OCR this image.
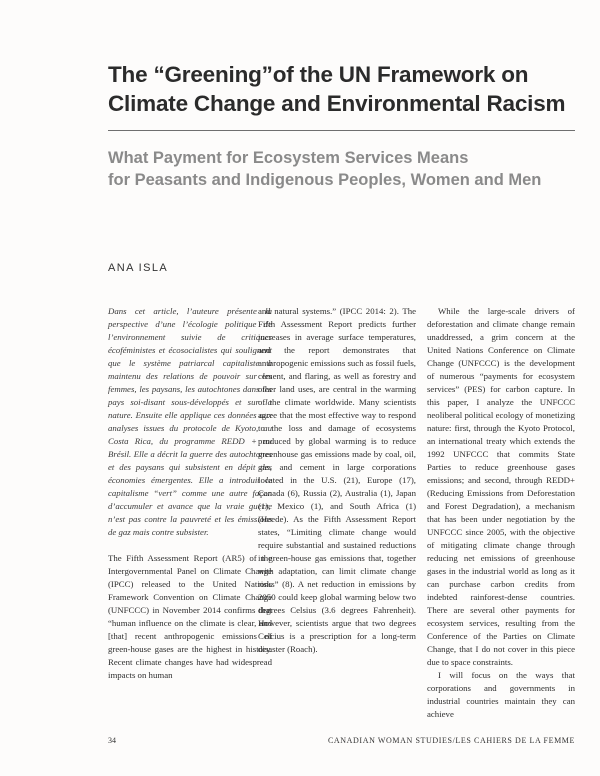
The “Greening”of the UN Framework on
Climate Change and Environmental Racism
What Payment for Ecosystem Services Means
for Peasants and Indigenous Peoples, Women and Men
ANA ISLA

Dans cet article, l’auteure présente la perspective d’une l’écologie politique de l’environnement suivie de critiques écoféministes et écosocialistes qui soulignent que le système patriarcal capitaliste a maintenu des relations de pouvoir sur les femmes, les paysans, les autochtones dans les pays soi-disant sous-développés et sur la nature. Ensuite elle applique ces données aux analyses issues du protocole de Kyoto, au Costa Rica, du programme REDD + au Brésil. Elle a décrit la guerre des autochtones et des paysans qui subsistent en dépit des économies émergentes. Elle a introduit le capitalisme “vert” comme une autre façon d’accumuler et avance que la vraie guerre n’est pas contre la pauvreté et les émissions de gaz mais contre subsister.

The Fifth Assessment Report (AR5) of the Intergovernmental Panel on Climate Change (IPCC) released to the United Nations Framework Convention on Climate Change (UNFCCC) in November 2014 confirms that “human influence on the climate is clear, and [that] recent anthropogenic emissions of green-house gases are the highest in history. Recent climate changes have had widespread impacts on human

and natural systems.” (IPCC 2014: 2). The Fifth Assessment Report predicts further increases in average surface temperatures, and the report demonstrates that anthropogenic emissions such as fossil fuels, cement, and flaring, as well as forestry and other land uses, are central in the warming of the climate worldwide. Many scientists agree that the most effective way to respond to the loss and damage of ecosystems produced by global warming is to reduce greenhouse gas emissions made by coal, oil, gas, and cement in large corporations located in the U.S. (21), Europe (17), Canada (6), Russia (2), Australia (1), Japan (1), Mexico (1), and South Africa (1) (Heede). As the Fifth Assessment Report states, “Limiting climate change would require substantial and sustained reductions in green-house gas emissions that, together with adaptation, can limit climate change risks” (8). A net reduction in emissions by 2050 could keep global warming below two degrees Celsius (3.6 degrees Fahrenheit). However, scientists argue that two degrees Celcius is a prescription for a long-term disaster (Roach).

While the large-scale drivers of deforestation and climate change remain unaddressed, a grim concern at the United Nations Conference on Climate Change (UNFCCC) is the development of numerous “payments for ecosystem services” (PES) for carbon capture. In this paper, I analyze the UNFCCC neoliberal political ecology of monetizing nature: first, through the Kyoto Protocol, an international treaty which extends the 1992 UNFCCC that commits State Parties to reduce greenhouse gases emissions; and second, through REDD+ (Reducing Emissions from Deforestation and Forest Degradation), a mechanism that has been under negotiation by the UNFCCC since 2005, with the objective of mitigating climate change through reducing net emissions of greenhouse gases in the industrial world as long as it can purchase carbon credits from indebted rainforest-dense countries. There are several other payments for ecosystem services, resulting from the Conference of the Parties on Climate Change, that I do not cover in this piece due to space constraints.

I will focus on the ways that corporations and governments in industrial countries maintain they can achieve

34	CANADIAN WOMAN STUDIES/LES CAHIERS DE LA FEMME
